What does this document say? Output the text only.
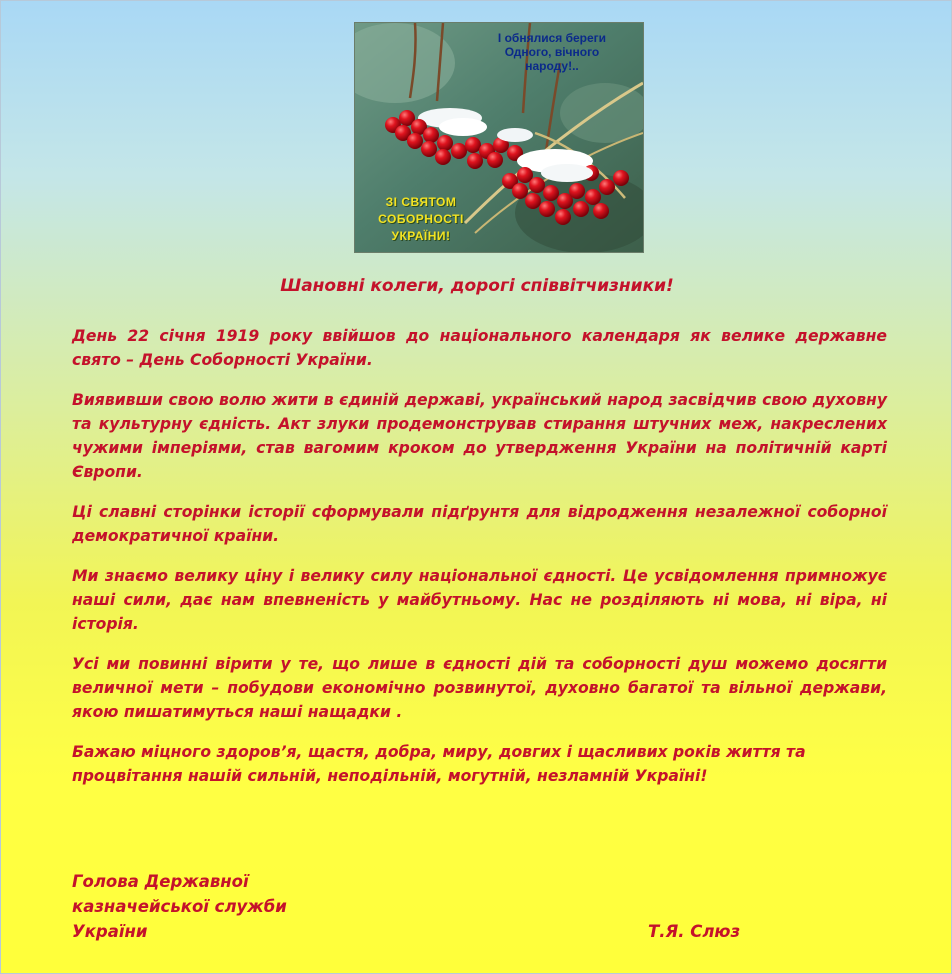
І обнялися береги
Одного, вічного
народу!..
ЗІ СВЯТОМ
СОБОРНОСТІ
УКРАЇНИ!
Шановні колеги, дорогі співвітчизники!

День 22 січня 1919 року ввійшов до національного календаря як велике державне свято – День Соборності України.

Виявивши свою волю жити в єдиній державі, український народ засвідчив свою духовну та культурну єдність. Акт злуки продемонстрував стирання штучних меж, накреслених чужими імперіями, став вагомим кроком до утвердження України на політичній карті Європи.

Ці славні сторінки історії сформували підґрунтя для відродження незалежної соборної демократичної країни.

Ми знаємо велику ціну і велику силу національної єдності. Це усвідомлення примножує наші сили, дає нам впевненість у майбутньому. Нас не розділяють ні мова, ні віра, ні історія.

Усі ми повинні вірити у те, що лише в єдності дій та соборності душ можемо досягти величної мети – побудови економічно розвинутої, духовно багатої та вільної держави, якою пишатимуться наші нащадки .

Бажаю міцного здоров’я, щастя, добра, миру, довгих і щасливих років життя та процвітання нашій сильній, неподільній, могутній, незламній Україні!

Голова Державної
казначейської служби
України	Т.Я. Слюз
